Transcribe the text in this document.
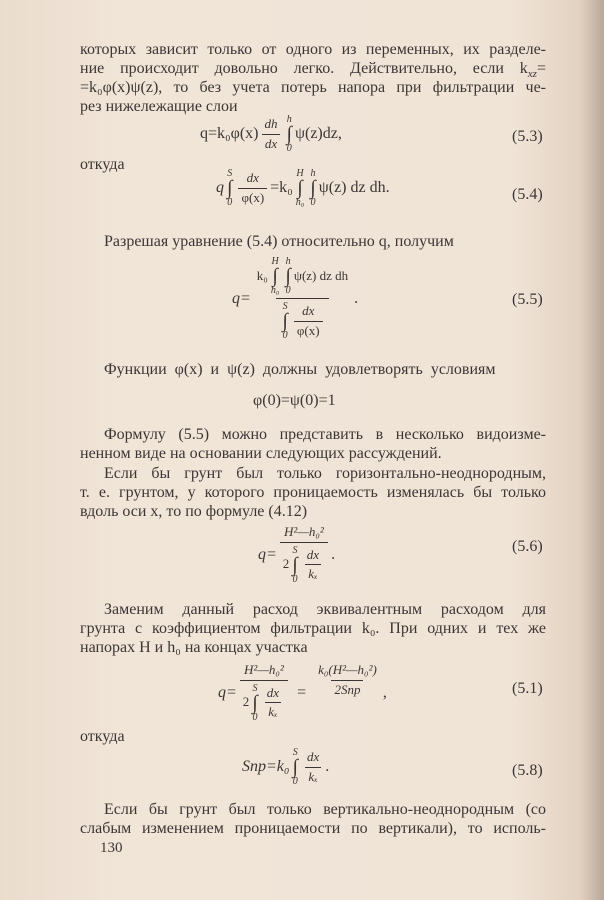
которых зависит только от одного из переменных, их разделе-
ние происходит довольно легко. Действительно, если $k_{xz}=$
=k₀φ(x)ψ(z), то без учета потерь напора при фильтрации че-
рез нижележащие слои
$q= k_0\varphi(x) \frac{dh}{dx}$ h
∫
0
ψ(z)dz,	(5.3)
откуда
q
S
∫
$0 \frac{dx}{\varphi(x)} =k_0$
H
∫
h₀
h
∫
0
ψ(z) dz dh.	(5.4)
Разрешая уравнение (5.4) относительно q, получим
q= k₀
H
∫
h₀
h
∫
0
ψ(z) dz dh
S
∫
$0 \frac{dx}{\varphi(x)}$ .	(5.5)
Функции φ(x) и ψ(z) должны удовлетворять условиям
φ(0)=ψ(0)=1
Формулу (5.5) можно представить в несколько видоизме-
ненном виде на основании следующих рассуждений.
Если бы грунт был только горизонтально-неоднородным,
т. е. грунтом, у которого проницаемость изменялась бы только
вдоль оси x, то по формуле (4.12)
q= H²—h₀²
2
S
∫
$0 \frac{dx}{\text{kₓ}}$ .	(5.6)
Заменим данный расход эквивалентным расходом для
грунта с коэффициентом фильтрации k₀. При одних и тех же
напорах H и h₀ на концах участка
q= H²—h₀²
2
S
∫
$0 \frac{dx}{\text{kₓ}} = \frac{\text{k₀(H²—h₀²)}}{\text{2Sпр}}$ ,	(5.1)
откуда
Sпр=k₀
S
∫
$0 \frac{dx}{\text{kₓ}}$ .	(5.8)
Если бы грунт был только вертикально-неоднородным (со
слабым изменением проницаемости по вертикали), то исполь-
130
